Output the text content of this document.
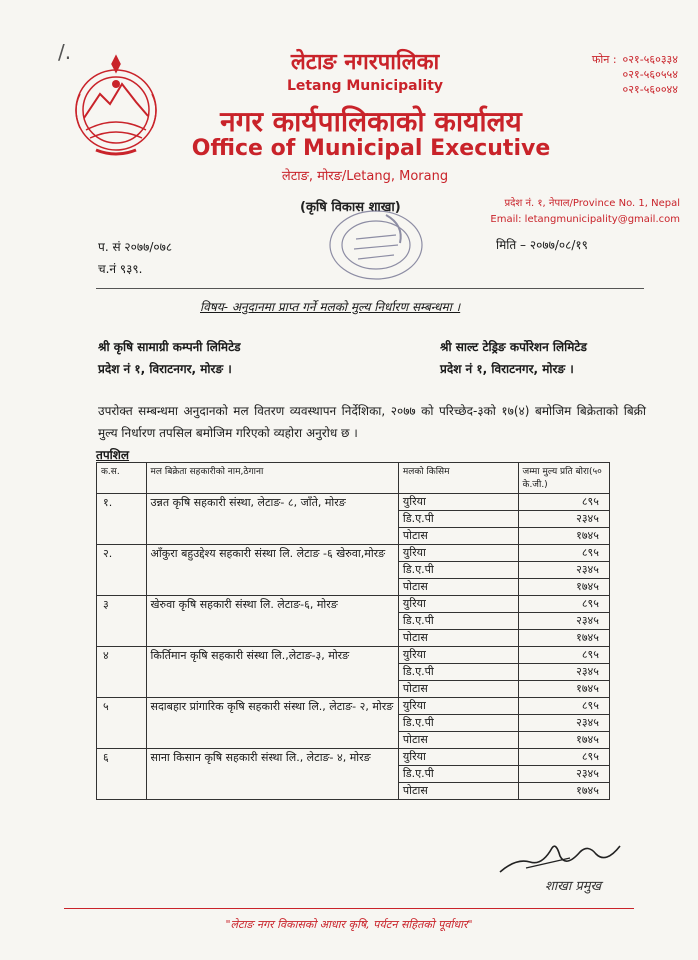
/.	लेटाङ नगरपालिका
Letang Municipality
नगर कार्यपालिकाको कार्यालय
Office of Municipal Executive
लेटाङ, मोरङ/Letang, Morang
फोन : ०२१-५६०३३४
०२१-५६०५५४
०२१-५६००४४
(कृषि विकास शाखा)	प्रदेश नं. १, नेपाल/Province No. 1, Nepal
Email: letangmunicipality@gmail.com
प. सं २०७७/०७८
च.नं ९३९.
मिति – २०७७/०८/१९
विषय- अनुदानमा प्राप्त गर्ने मलको मुल्य निर्धारण सम्बन्धमा ।
श्री कृषि सामाग्री कम्पनी लिमिटेड
प्रदेश नं १, विराटनगर, मोरङ ।
श्री साल्ट टेड्रिङ कर्पोरेशन लिमिटेड
प्रदेश नं १, विराटनगर, मोरङ ।
उपरोक्त सम्बन्धमा अनुदानको मल वितरण व्यवस्थापन निर्देशिका, २०७७ को परिच्छेद-३को १७(४) बमोजिम बिक्रेताको बिक्री मुल्य निर्धारण तपसिल बमोजिम गरिएको व्यहोरा अनुरोध छ ।
तपशिल
क.स.	मल बिक्रेता सहकारीको नाम,ठेगाना	मलको किसिम	जम्मा मुल्य प्रति बोरा(५० के.जी.)
१.	उन्नत कृषि सहकारी संस्था, लेटाङ- ८, जाँते, मोरङ	युरिया	८९५
		डि.ए.पी	२३४५
		पोटास	१७४५
२.	आँकुरा बहुउद्देश्य सहकारी संस्था लि. लेटाङ -६ खेरुवा,मोरङ	युरिया	८९५
		डि.ए.पी	२३४५
		पोटास	१७४५
३	खेरुवा कृषि सहकारी संस्था लि. लेटाङ-६, मोरङ	युरिया	८९५
		डि.ए.पी	२३४५
		पोटास	१७४५
४	किर्तिमान कृषि सहकारी संस्था लि.,लेटाङ-३, मोरङ	युरिया	८९५
		डि.ए.पी	२३४५
		पोटास	१७४५
५	सदाबहार प्रांगारिक कृषि सहकारी संस्था लि., लेटाङ- २, मोरङ	युरिया	८९५
		डि.ए.पी	२३४५
		पोटास	१७४५
६	साना किसान कृषि सहकारी संस्था लि., लेटाङ- ४, मोरङ	युरिया	८९५
		डि.ए.पी	२३४५
		पोटास	१७४५
शाखा प्रमुख
"लेटाङ नगर विकासको आधार कृषि, पर्यटन सहितको पूर्वाधार"
